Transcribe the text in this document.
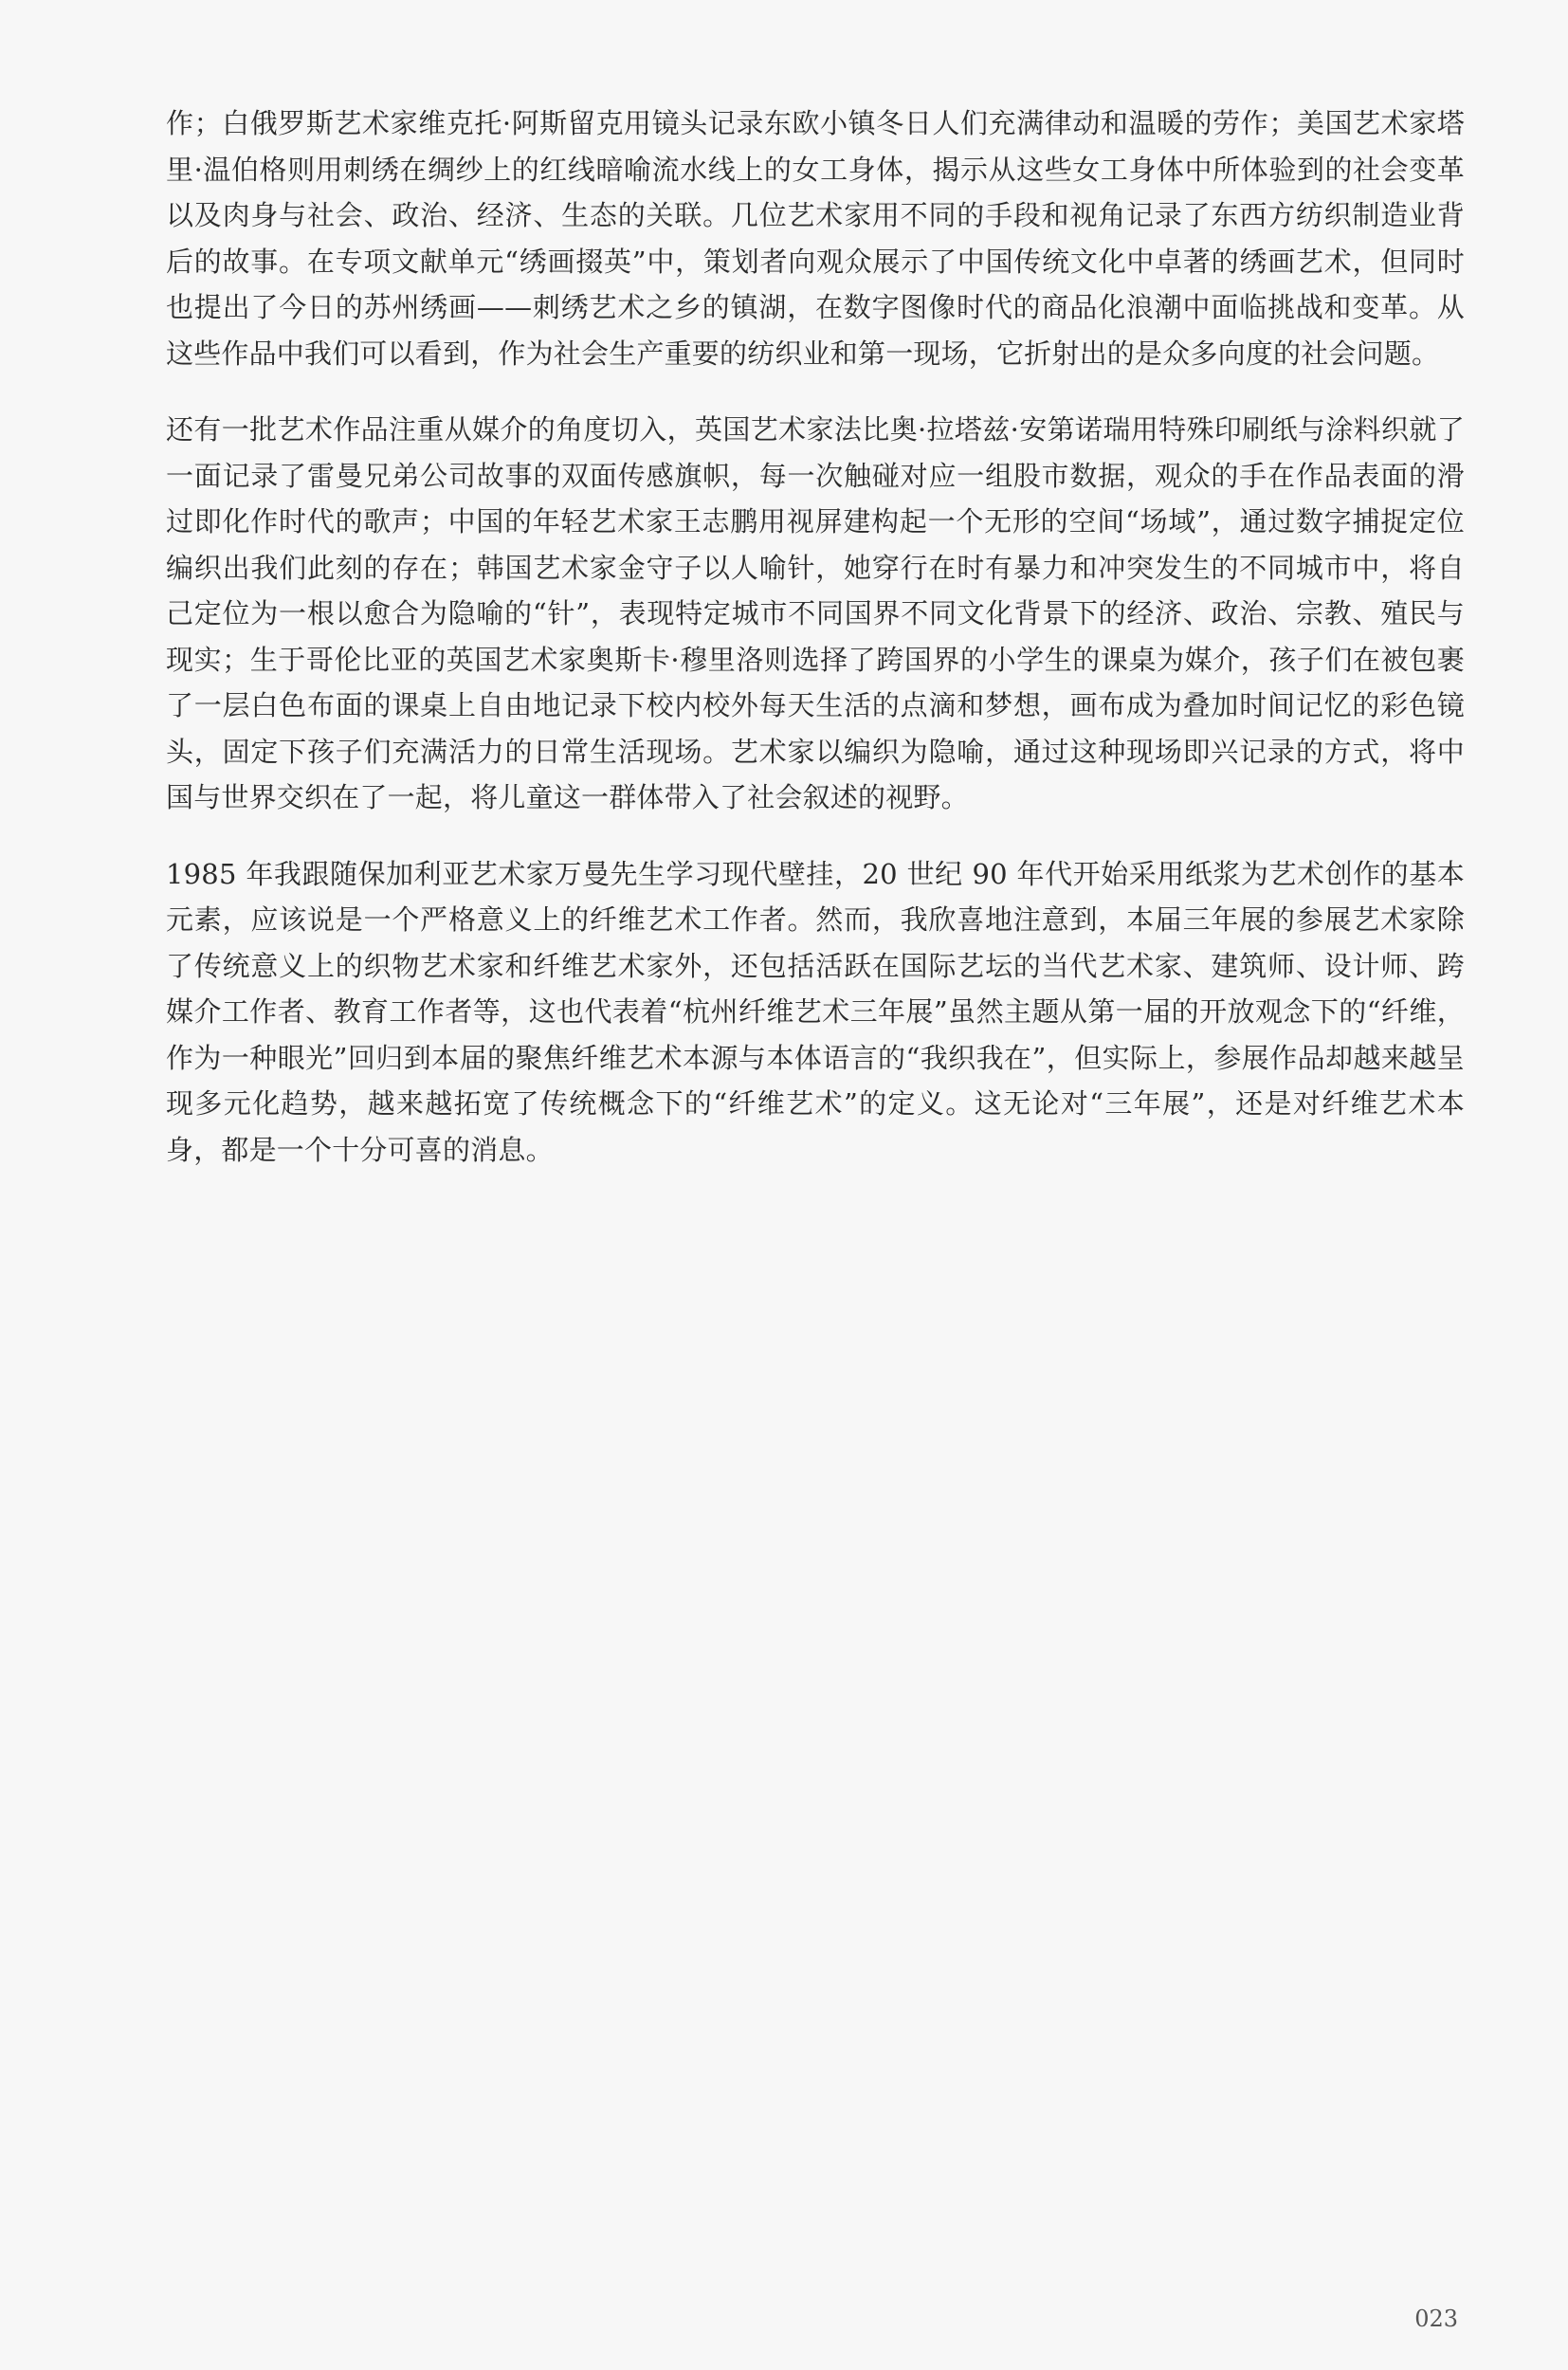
作；白俄罗斯艺术家维克托·阿斯留克用镜头记录东欧小镇冬日人们充满律动和温暖的劳作；美国艺术家塔里·温伯格则用刺绣在绸纱上的红线暗喻流水线上的女工身体，揭示从这些女工身体中所体验到的社会变革以及肉身与社会、政治、经济、生态的关联。几位艺术家用不同的手段和视角记录了东西方纺织制造业背后的故事。在专项文献单元“绣画掇英”中，策划者向观众展示了中国传统文化中卓著的绣画艺术，但同时也提出了今日的苏州绣画——刺绣艺术之乡的镇湖，在数字图像时代的商品化浪潮中面临挑战和变革。从这些作品中我们可以看到，作为社会生产重要的纺织业和第一现场，它折射出的是众多向度的社会问题。

还有一批艺术作品注重从媒介的角度切入，英国艺术家法比奥·拉塔兹·安第诺瑞用特殊印刷纸与涂料织就了一面记录了雷曼兄弟公司故事的双面传感旗帜，每一次触碰对应一组股市数据，观众的手在作品表面的滑过即化作时代的歌声；中国的年轻艺术家王志鹏用视屏建构起一个无形的空间“场域”，通过数字捕捉定位编织出我们此刻的存在；韩国艺术家金守子以人喻针，她穿行在时有暴力和冲突发生的不同城市中，将自己定位为一根以愈合为隐喻的“针”，表现特定城市不同国界不同文化背景下的经济、政治、宗教、殖民与现实；生于哥伦比亚的英国艺术家奥斯卡·穆里洛则选择了跨国界的小学生的课桌为媒介，孩子们在被包裹了一层白色布面的课桌上自由地记录下校内校外每天生活的点滴和梦想，画布成为叠加时间记忆的彩色镜头，固定下孩子们充满活力的日常生活现场。艺术家以编织为隐喻，通过这种现场即兴记录的方式，将中国与世界交织在了一起，将儿童这一群体带入了社会叙述的视野。

1985 年我跟随保加利亚艺术家万曼先生学习现代壁挂，20 世纪 90 年代开始采用纸浆为艺术创作的基本元素，应该说是一个严格意义上的纤维艺术工作者。然而，我欣喜地注意到，本届三年展的参展艺术家除了传统意义上的织物艺术家和纤维艺术家外，还包括活跃在国际艺坛的当代艺术家、建筑师、设计师、跨媒介工作者、教育工作者等，这也代表着“杭州纤维艺术三年展”虽然主题从第一届的开放观念下的“纤维，作为一种眼光”回归到本届的聚焦纤维艺术本源与本体语言的“我织我在”，但实际上，参展作品却越来越呈现多元化趋势，越来越拓宽了传统概念下的“纤维艺术”的定义。这无论对“三年展”，还是对纤维艺术本身，都是一个十分可喜的消息。

023
